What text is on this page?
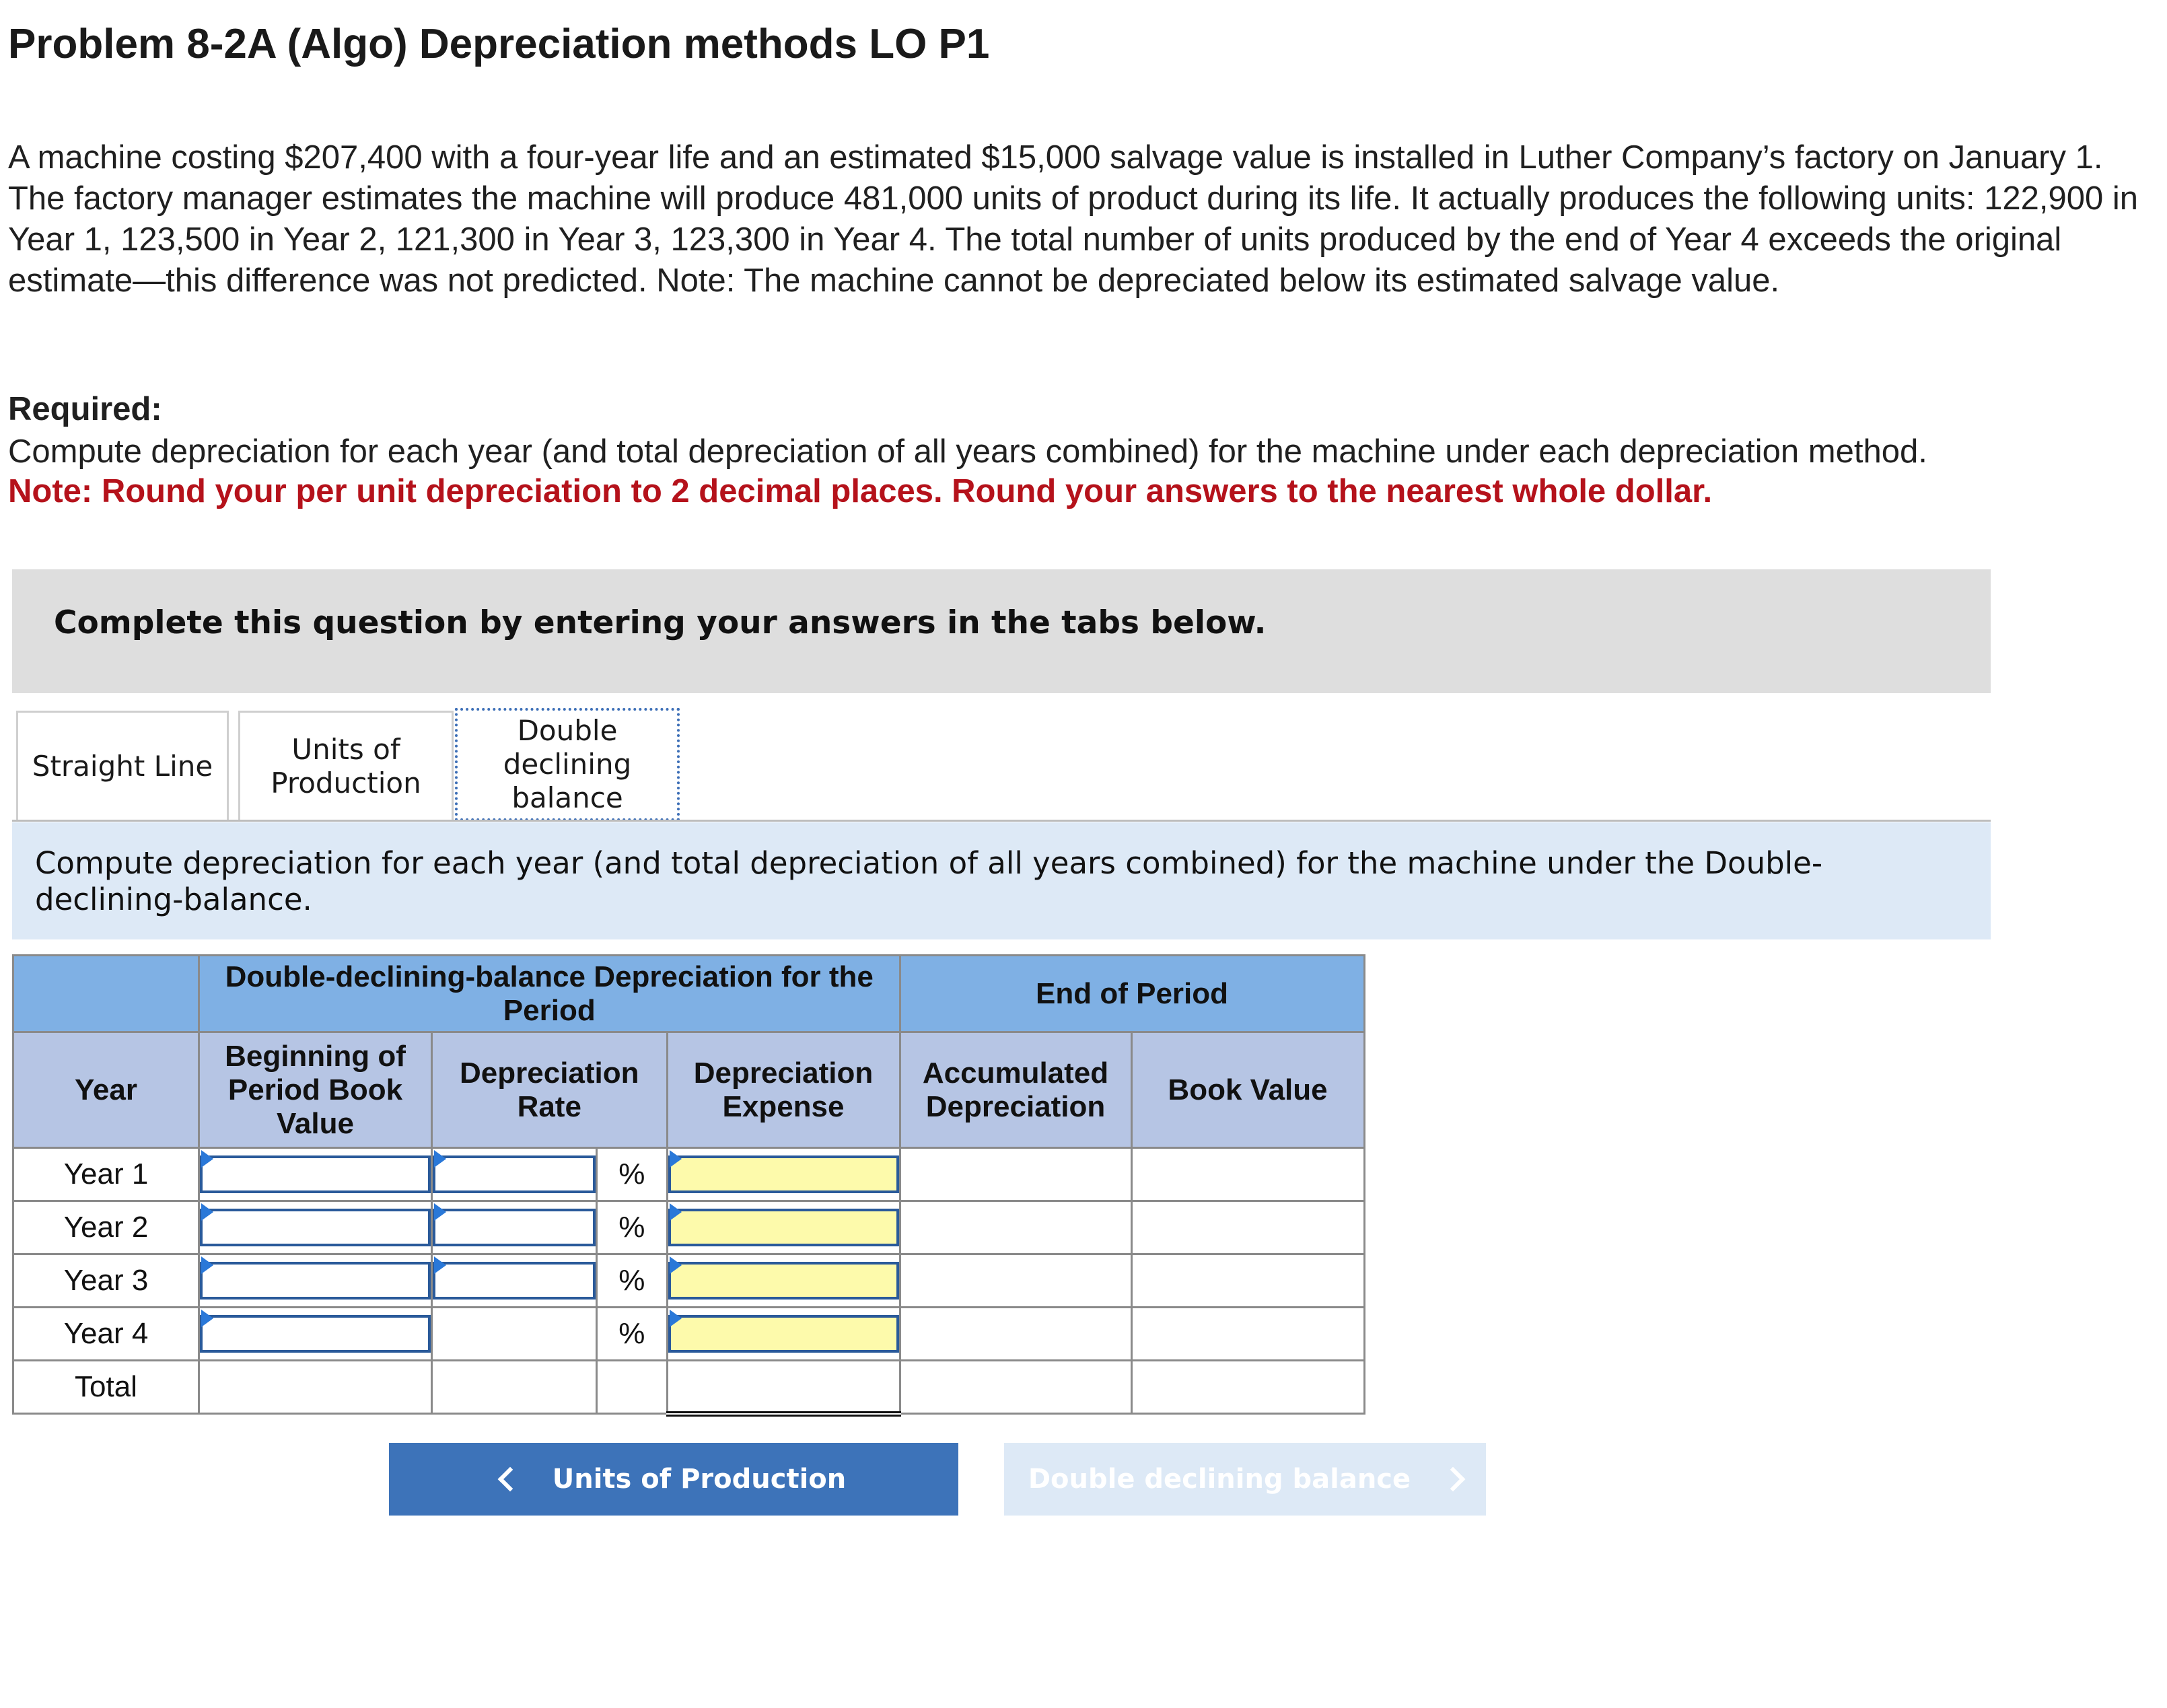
Problem 8-2A (Algo) Depreciation methods LO P1

A machine costing $207,400 with a four-year life and an estimated $15,000 salvage value is installed in Luther Company’s factory on January 1. The factory manager estimates the machine will produce 481,000 units of product during its life. It actually produces the following units: 122,900 in Year 1, 123,500 in Year 2, 121,300 in Year 3, 123,300 in Year 4. The total number of units produced by the end of Year 4 exceeds the original estimate—this difference was not predicted. Note: The machine cannot be depreciated below its estimated salvage value.

Required:

Compute depreciation for each year (and total depreciation of all years combined) for the machine under each depreciation method.

Note: Round your per unit depreciation to 2 decimal places. Round your answers to the nearest whole dollar.

Complete this question by entering your answers in the tabs below.
Straight Line
Units of Production
Double declining balance

Compute depreciation for each year (and total depreciation of all years combined) for the machine under the Double-declining-balance.

	Double-declining-balance Depreciation for the Period				End of Period	
Year	Beginning of Period Book Value	Depreciation Rate		Depreciation Expense	Accumulated Depreciation	Book Value
Year 1			%	

Year 2			%	

Year 3			%	

Year 4			%	

Total						
Units of Production	Double declining balance
